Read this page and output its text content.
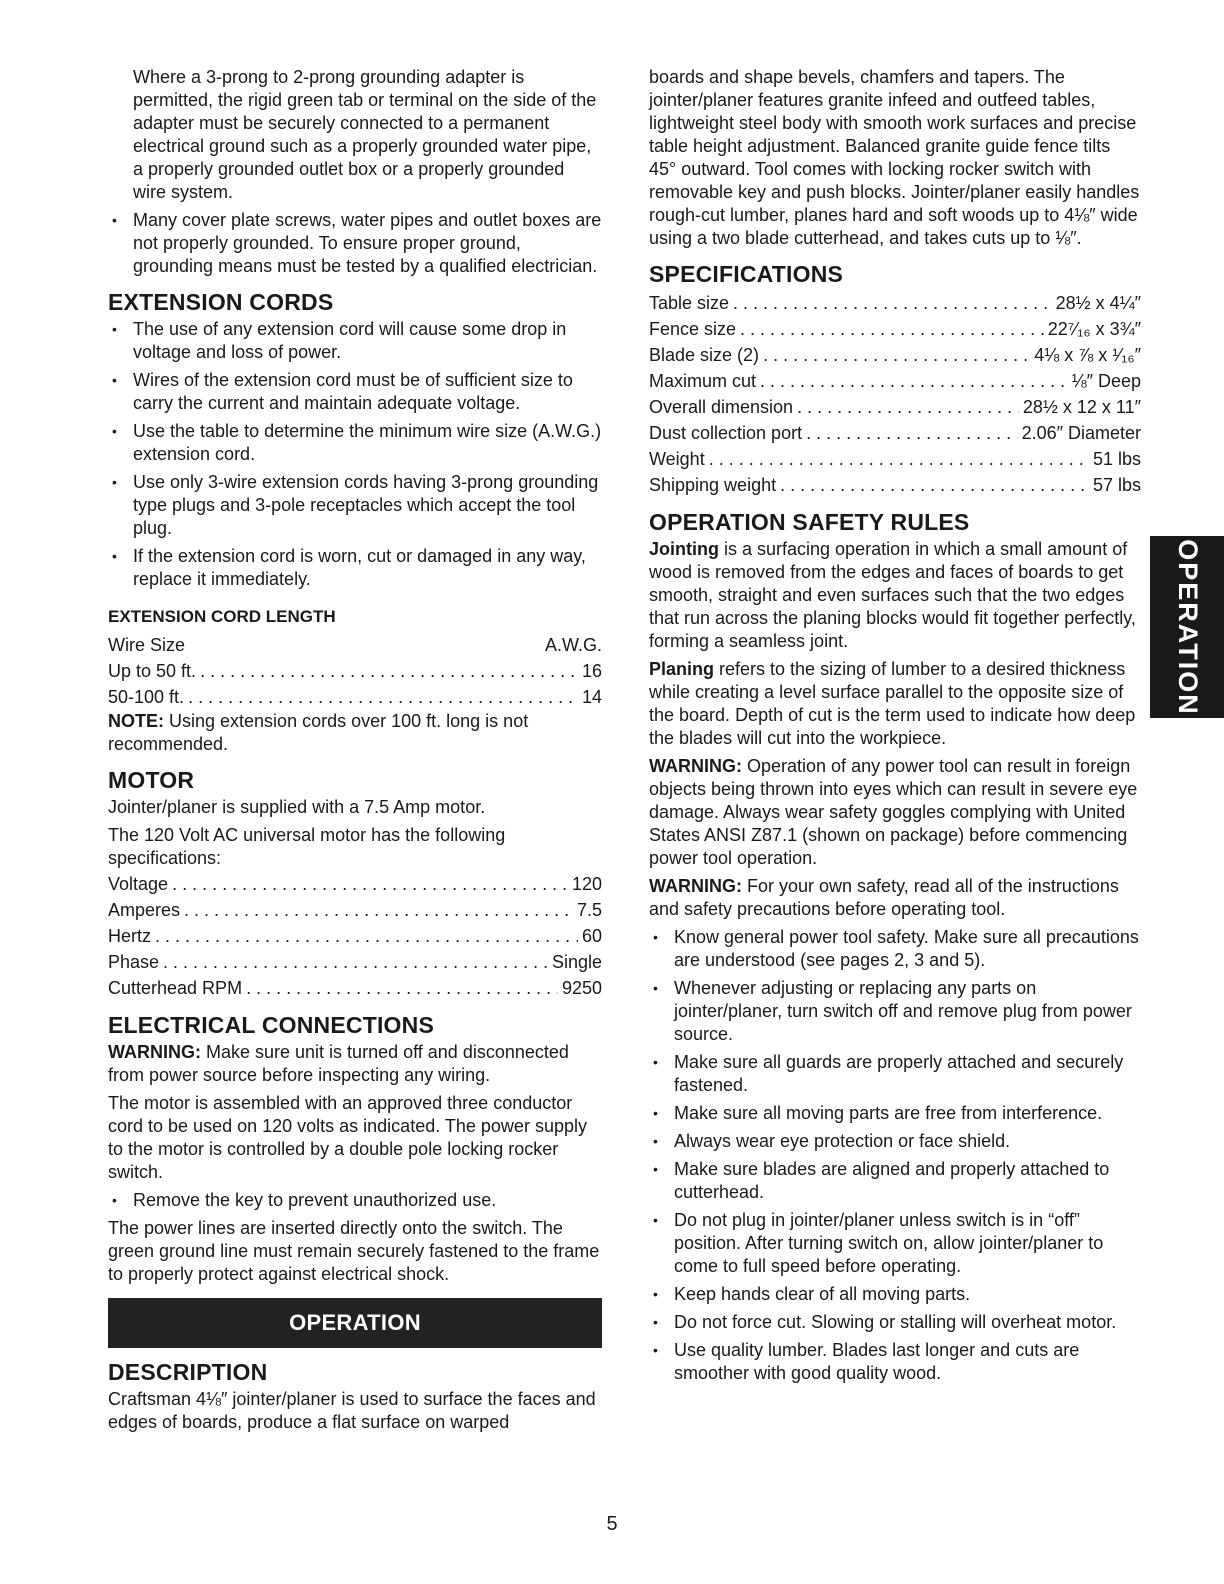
Where a 3-prong to 2-prong grounding adapter is permitted, the rigid green tab or terminal on the side of the adapter must be securely connected to a permanent electrical ground such as a properly grounded water pipe, a properly grounded outlet box or a properly grounded wire system.

• Many cover plate screws, water pipes and outlet boxes are not properly grounded. To ensure proper ground, grounding means must be tested by a qualified electrician.
EXTENSION CORDS
• The use of any extension cord will cause some drop in voltage and loss of power.
• Wires of the extension cord must be of sufficient size to carry the current and maintain adequate voltage.
• Use the table to determine the minimum wire size (A.W.G.) extension cord.
• Use only 3-wire extension cords having 3-prong grounding type plugs and 3-pole receptacles which accept the tool plug.
• If the extension cord is worn, cut or damaged in any way, replace it immediately.
EXTENSION CORD LENGTH
Wire Size	A.W.G.
Up to 50 ft. . . .	16
50-100 ft. . . .	14

NOTE: Using extension cords over 100 ft. long is not recommended.

MOTOR

Jointer/planer is supplied with a 7.5 Amp motor.

The 120 Volt AC universal motor has the following specifications:

Voltage . . .	120
Amperes . . .	7.5
Hertz . . .	60
Phase . . .	Single
Cutterhead RPM . . .	9250
ELECTRICAL CONNECTIONS

WARNING: Make sure unit is turned off and disconnected from power source before inspecting any wiring.

The motor is assembled with an approved three conductor cord to be used on 120 volts as indicated. The power supply to the motor is controlled by a double pole locking rocker switch.

• Remove the key to prevent unauthorized use.

The power lines are inserted directly onto the switch. The green ground line must remain securely fastened to the frame to properly protect against electrical shock.

OPERATION
DESCRIPTION

Craftsman 4⅛″ jointer/planer is used to surface the faces and edges of boards, produce a flat surface on warped

boards and shape bevels, chamfers and tapers. The jointer/planer features granite infeed and outfeed tables, lightweight steel body with smooth work surfaces and precise table height adjustment. Balanced granite guide fence tilts 45° outward. Tool comes with locking rocker switch with removable key and push blocks. Jointer/planer easily handles rough-cut lumber, planes hard and soft woods up to 4⅛″ wide using a two blade cutterhead, and takes cuts up to ⅛″.

SPECIFICATIONS
Table size . . .	28½ x 4¼″
Fence size . . .	22⁷⁄₁₆ x 3¾″
Blade size (2) . . .	4⅛ x ⅞ x ¹⁄₁₆″
Maximum cut . . .	⅛″ Deep
Overall dimension . . .	28½ x 12 x 11″
Dust collection port . . .	2.06″ Diameter
Weight . . .	51 lbs
Shipping weight . . .	57 lbs
OPERATION SAFETY RULES

Jointing is a surfacing operation in which a small amount of wood is removed from the edges and faces of boards to get smooth, straight and even surfaces such that the two edges that run across the planing blocks would fit together perfectly, forming a seamless joint.

Planing refers to the sizing of lumber to a desired thickness while creating a level surface parallel to the opposite size of the board. Depth of cut is the term used to indicate how deep the blades will cut into the workpiece.

WARNING: Operation of any power tool can result in foreign objects being thrown into eyes which can result in severe eye damage. Always wear safety goggles complying with United States ANSI Z87.1 (shown on package) before commencing power tool operation.

WARNING: For your own safety, read all of the instructions and safety precautions before operating tool.

• Know general power tool safety. Make sure all precautions are understood (see pages 2, 3 and 5).
• Whenever adjusting or replacing any parts on jointer/planer, turn switch off and remove plug from power source.
• Make sure all guards are properly attached and securely fastened.
• Make sure all moving parts are free from interference.
• Always wear eye protection or face shield.
• Make sure blades are aligned and properly attached to cutterhead.
• Do not plug in jointer/planer unless switch is in “off” position. After turning switch on, allow jointer/planer to come to full speed before operating.
• Keep hands clear of all moving parts.
• Do not force cut. Slowing or stalling will overheat motor.
• Use quality lumber. Blades last longer and cuts are smoother with good quality wood.
OPERATION
5
